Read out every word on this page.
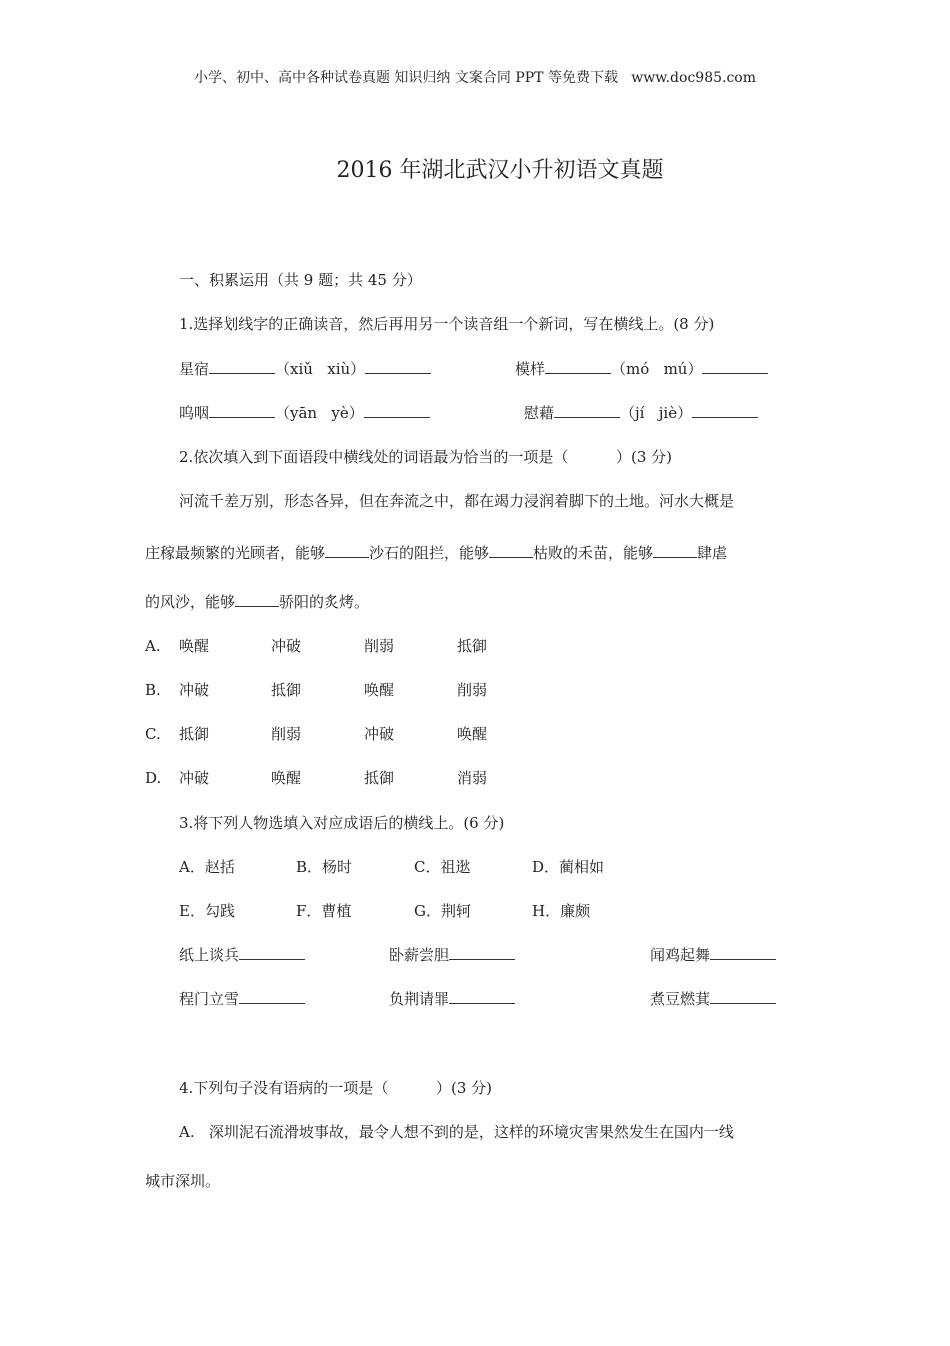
小学、初中、高中各种试卷真题 知识归纳 文案合同 PPT 等免费下载   www.doc985.com
2016 年湖北武汉小升初语文真题
一、积累运用（共 9 题；共 45 分）
1.选择划线字的正确读音，然后再用另一个读音组一个新词，写在横线上。(8 分)
星宿	（xiǔ   xiù）	模样	（mó   mú）
呜咽	（yān   yè）	慰藉	（jí   jiè）
2.依次填入到下面语段中横线处的词语最为恰当的一项是（          ）(3 分)
河流千差万别，形态各异，但在奔流之中，都在竭力浸润着脚下的土地。河水大概是
庄稼最频繁的光顾者，能够	沙石的阻拦，能够	枯败的禾苗，能够	肆虐
的风沙，能够	骄阳的炙烤。
A. 唤醒	冲破	削弱	抵御
B. 冲破	抵御	唤醒	削弱
C. 抵御	削弱	冲破	唤醒
D. 冲破	唤醒	抵御	消弱
3.将下列人物选填入对应成语后的横线上。(6 分)
A．赵括	B．杨时	C．祖逖	D．蔺相如
E．勾践	F．曹植	G．荆轲	H．廉颇
纸上谈兵	卧薪尝胆	闻鸡起舞
程门立雪	负荆请罪	煮豆燃萁
4.下列句子没有语病的一项是（          ）(3 分)
A.   深圳泥石流滑坡事故，最令人想不到的是，这样的环境灾害果然发生在国内一线
城市深圳。
